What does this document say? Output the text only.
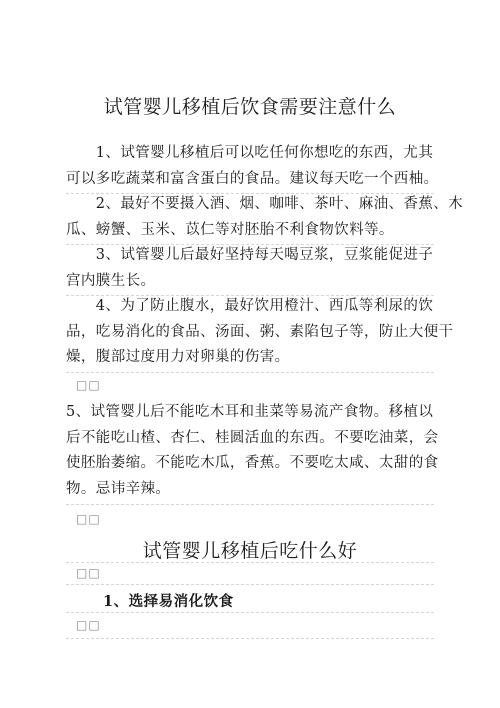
试管婴儿移植后饮食需要注意什么
　　1、试管婴儿移植后可以吃任何你想吃的东西，尤其
可以多吃蔬菜和富含蛋白的食品。建议每天吃一个西柚。
　　2、最好不要摄入酒、烟、咖啡、茶叶、麻油、香蕉、木
瓜、螃蟹、玉米、苡仁等对胚胎不利食物饮料等。
　　3、试管婴儿后最好坚持每天喝豆浆，豆浆能促进子
宫内膜生长。
　　4、为了防止腹水，最好饮用橙汁、西瓜等利尿的饮
品，吃易消化的食品、汤面、粥、素陷包子等，防止大便干
燥，腹部过度用力对卵巢的伤害。
□□
5、试管婴儿后不能吃木耳和韭菜等易流产食物。移植以
后不能吃山楂、杏仁、桂圆活血的东西。不要吃油菜，会
使胚胎萎缩。不能吃木瓜，香蕉。不要吃太咸、太甜的食
物。忌讳辛辣。
□□
试管婴儿移植后吃什么好
□□
1、选择易消化饮食
□□
